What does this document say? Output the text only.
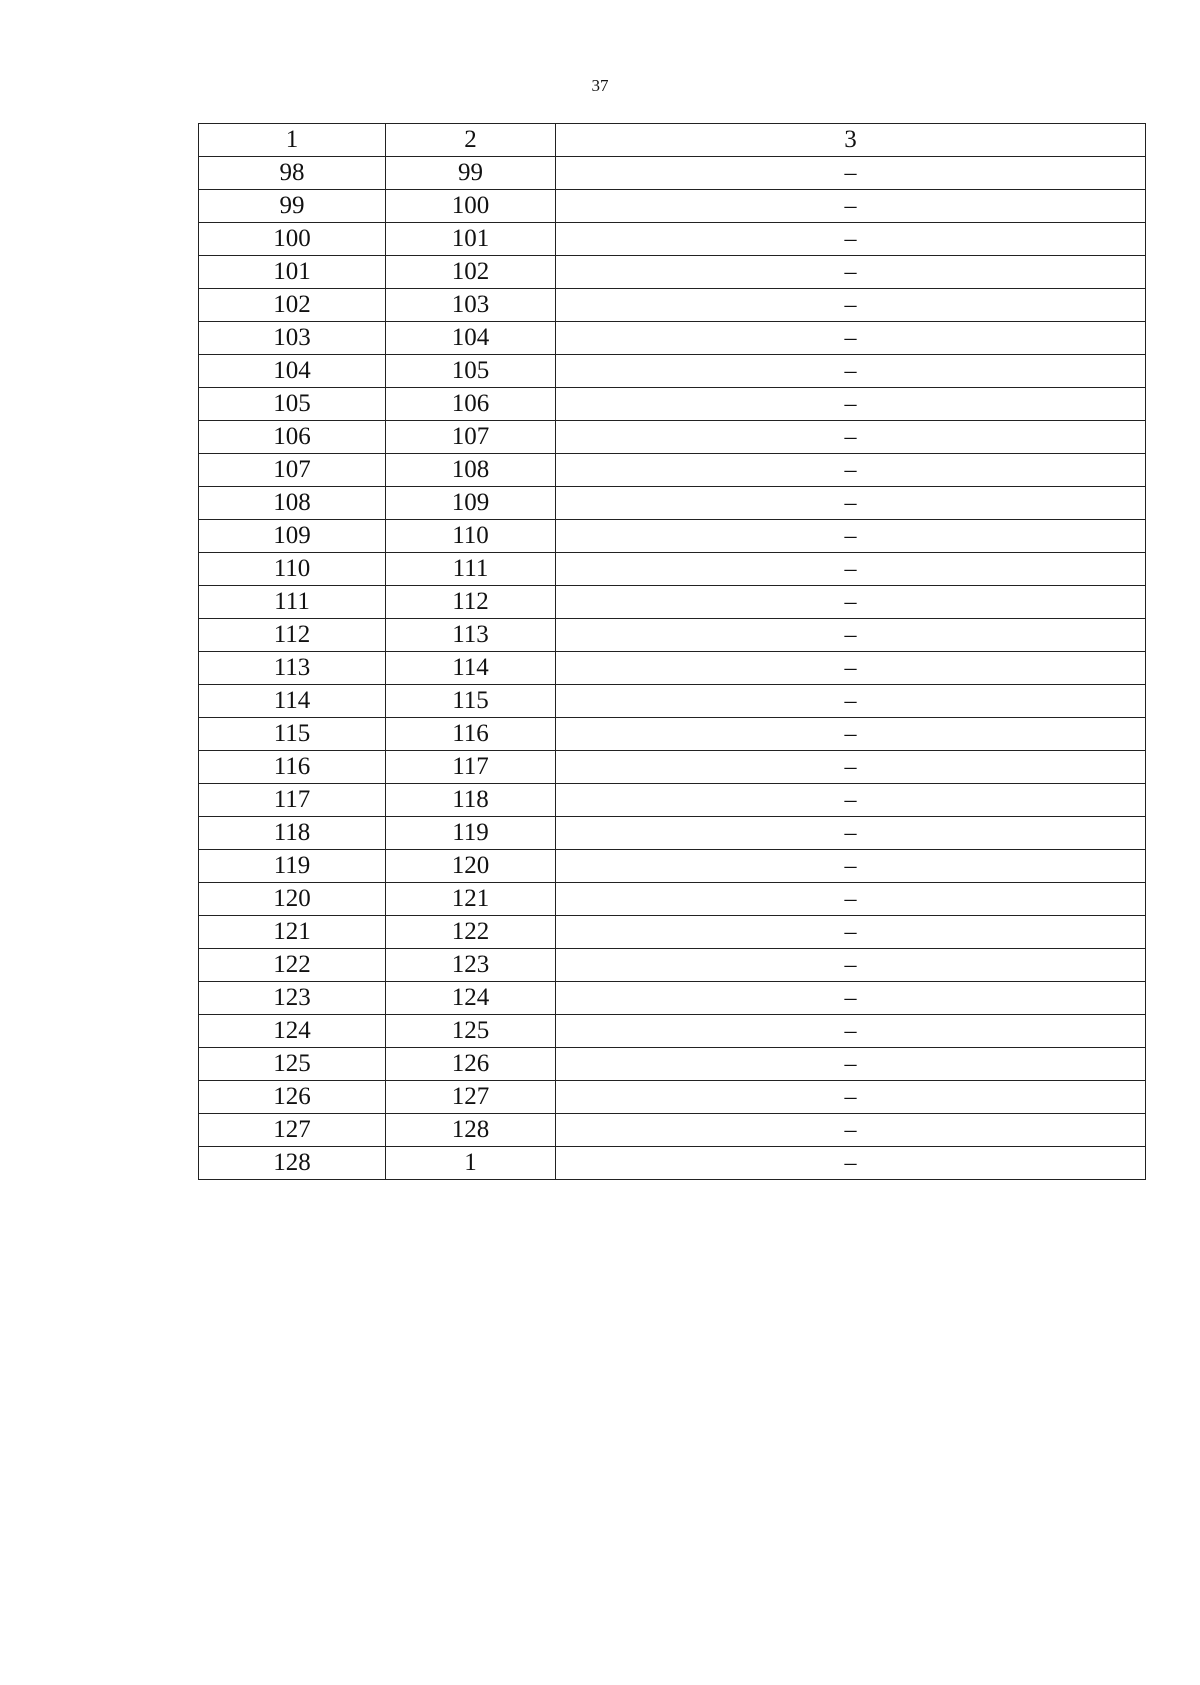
37
1	2	3
98	99	–
99	100	–
100	101	–
101	102	–
102	103	–
103	104	–
104	105	–
105	106	–
106	107	–
107	108	–
108	109	–
109	110	–
110	111	–
111	112	–
112	113	–
113	114	–
114	115	–
115	116	–
116	117	–
117	118	–
118	119	–
119	120	–
120	121	–
121	122	–
122	123	–
123	124	–
124	125	–
125	126	–
126	127	–
127	128	–
128	1	–
